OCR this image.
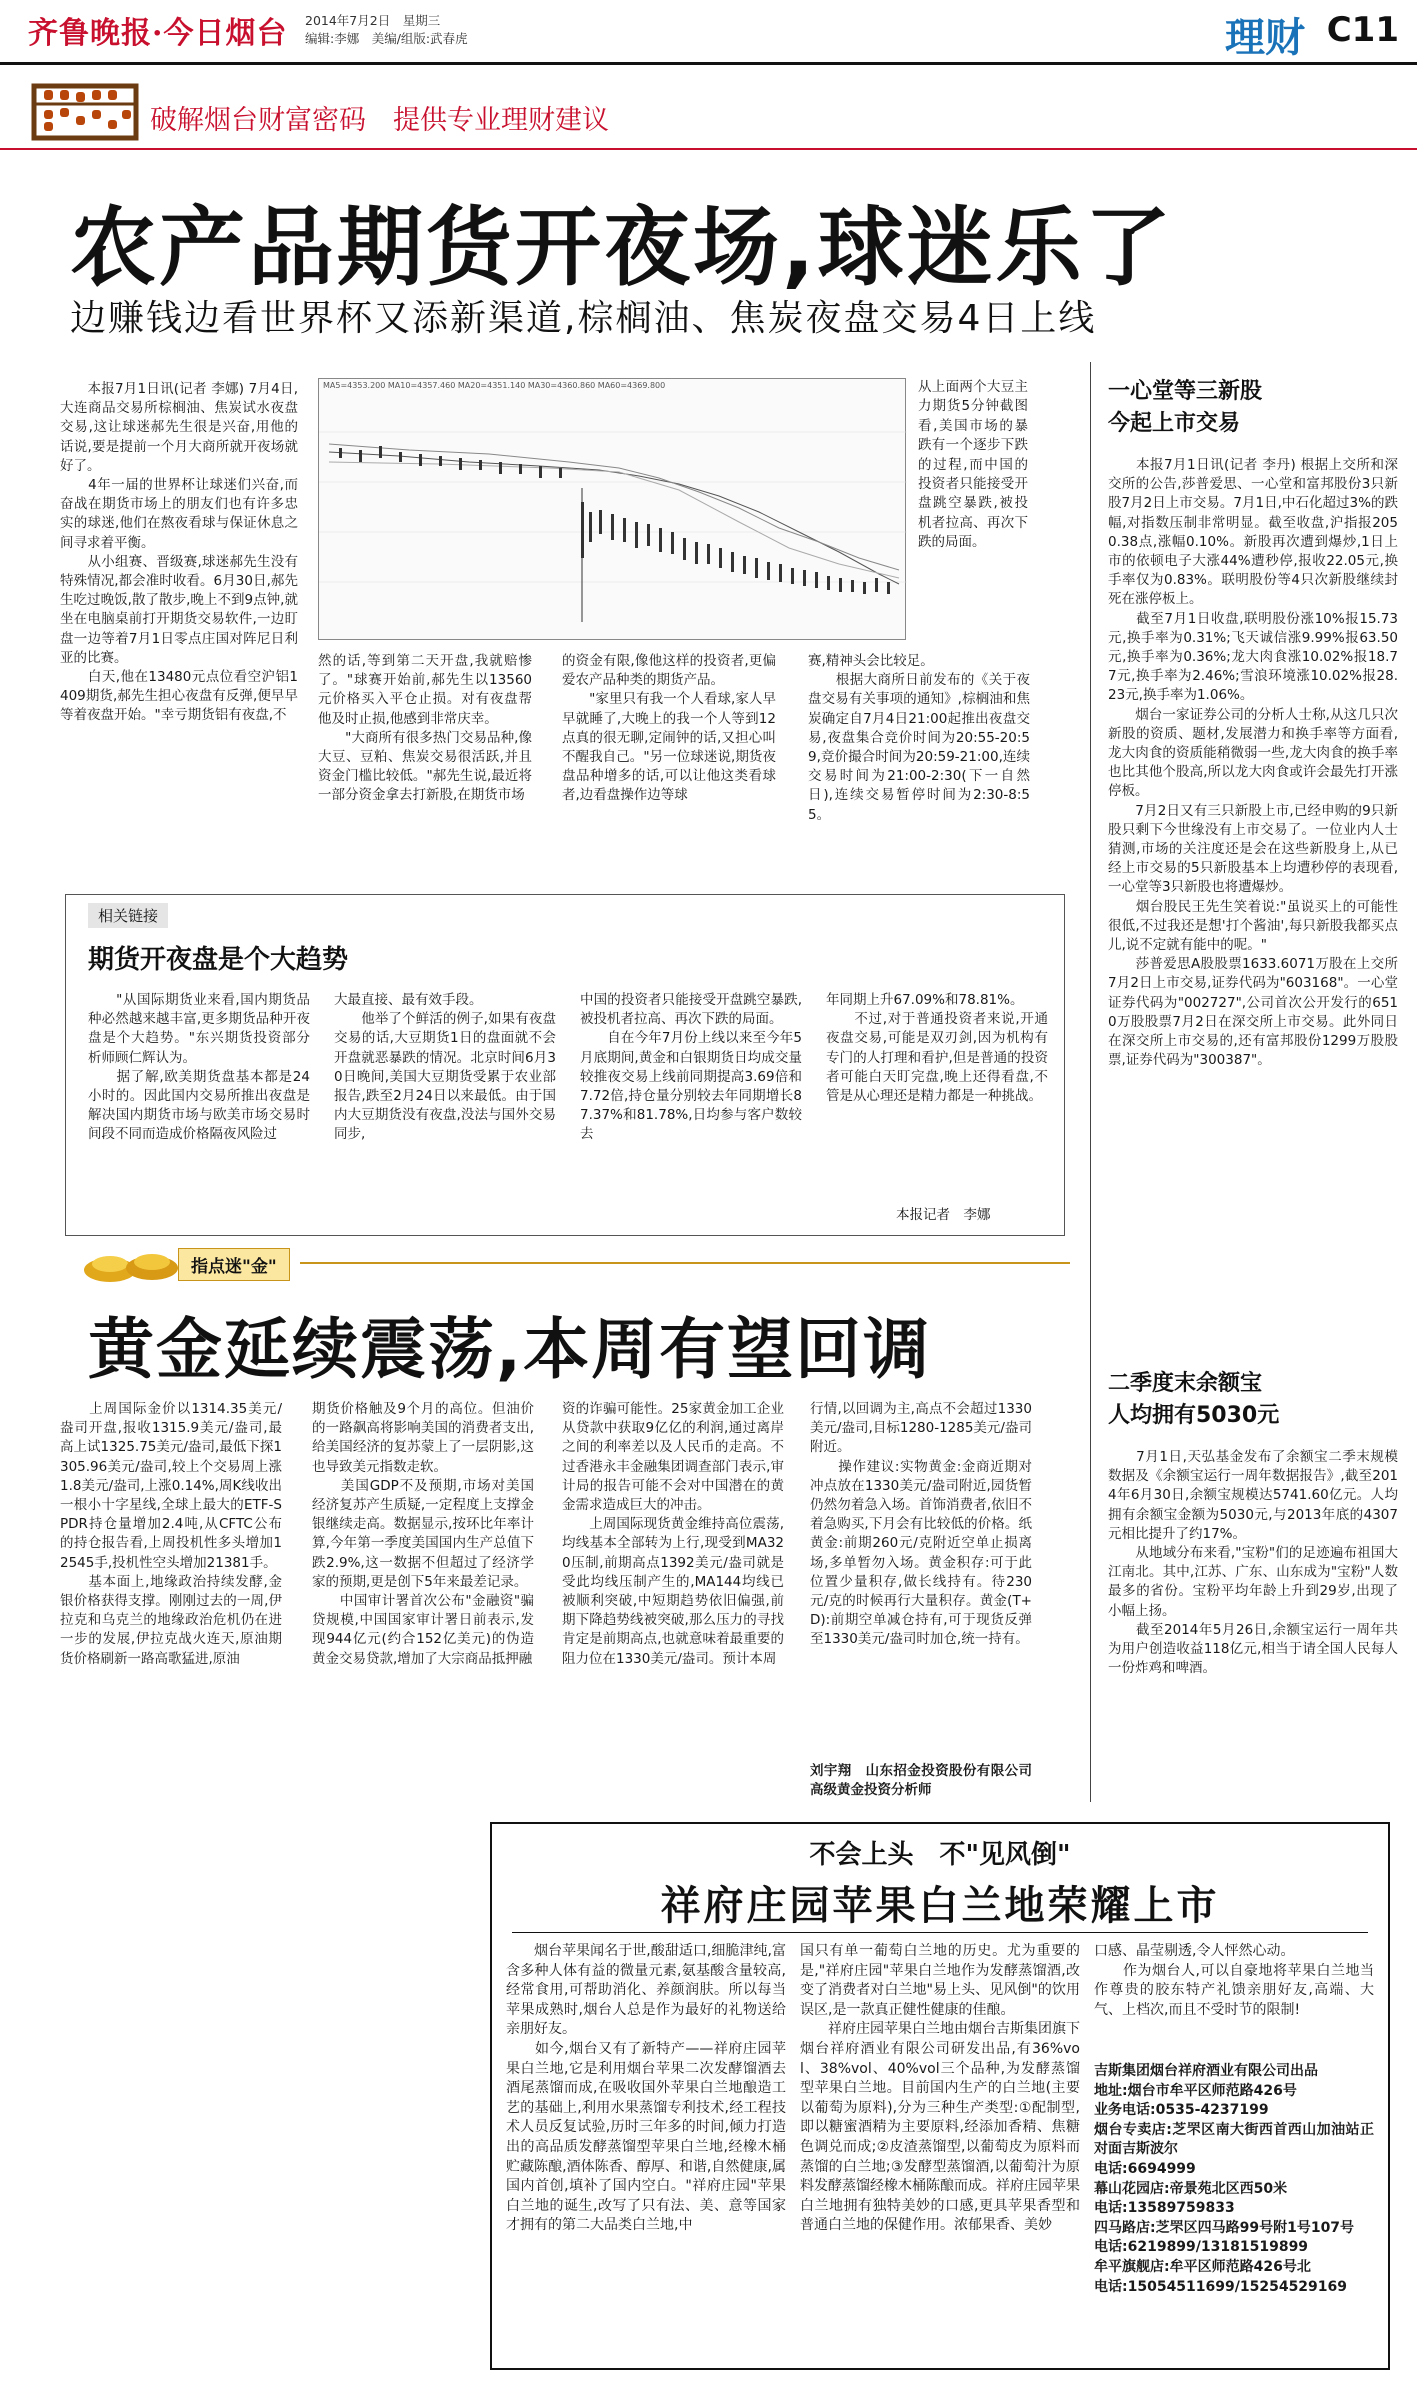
齐鲁晚报·今日烟台 2014年7月2日　星期三
编辑:李娜　美编/组版:武春虎	理财 C11
破解烟台财富密码　提供专业理财建议
农产品期货开夜场,球迷乐了
边赚钱边看世界杯又添新渠道,棕榈油、焦炭夜盘交易4日上线
　　本报7月1日讯(记者 李娜) 7月4日,大连商品交易所棕榈油、焦炭试水夜盘交易,这让球迷郝先生很是兴奋,用他的话说,要是提前一个月大商所就开夜场就好了。
　　4年一届的世界杯让球迷们兴奋,而奋战在期货市场上的朋友们也有许多忠实的球迷,他们在熬夜看球与保证休息之间寻求着平衡。
　　从小组赛、晋级赛,球迷郝先生没有特殊情况,都会准时收看。6月30日,郝先生吃过晚饭,散了散步,晚上不到9点钟,就坐在电脑桌前打开期货交易软件,一边盯盘一边等着7月1日零点庄国对阵尼日利亚的比赛。
　　白天,他在13480元点位看空沪铝1409期货,郝先生担心夜盘有反弹,便早早等着夜盘开始。"幸亏期货铝有夜盘,不
MA5=4353.200 MA10=4357.460 MA20=4351.140 MA30=4360.860 MA60=4369.800	从上面两个大豆主力期货5分钟截图看,美国市场的暴跌有一个逐步下跌的过程,而中国的投资者只能接受开盘跳空暴跌,被投机者拉高、再次下跌的局面。
然的话,等到第二天开盘,我就赔惨了。"球赛开始前,郝先生以13560元价格买入平仓止损。对有夜盘帮他及时止损,他感到非常庆幸。
　　"大商所有很多热门交易品种,像大豆、豆粕、焦炭交易很活跃,并且资金门槛比较低。"郝先生说,最近将一部分资金拿去打新股,在期货市场
的资金有限,像他这样的投资者,更偏爱农产品种类的期货产品。
　　"家里只有我一个人看球,家人早早就睡了,大晚上的我一个人等到12点真的很无聊,定闹钟的话,又担心叫不醒我自己。"另一位球迷说,期货夜盘品种增多的话,可以让他这类看球者,边看盘操作边等球
赛,精神头会比较足。
　　根据大商所日前发布的《关于夜盘交易有关事项的通知》,棕榈油和焦炭确定自7月4日21:00起推出夜盘交易,夜盘集合竞价时间为20:55-20:59,竞价撮合时间为20:59-21:00,连续交易时间为21:00-2:30(下一自然日),连续交易暂停时间为2:30-8:55。
一心堂等三新股
今起上市交易
　　本报7月1日讯(记者 李丹) 根据上交所和深交所的公告,莎普爱思、一心堂和富邦股份3只新股7月2日上市交易。7月1日,中石化超过3%的跌幅,对指数压制非常明显。截至收盘,沪指报2050.38点,涨幅0.10%。新股再次遭到爆炒,1日上市的依顿电子大涨44%遭秒停,报收22.05元,换手率仅为0.83%。联明股份等4只次新股继续封死在涨停板上。
　　截至7月1日收盘,联明股份涨10%报15.73元,换手率为0.31%;飞天诚信涨9.99%报63.50元,换手率为0.36%;龙大肉食涨10.02%报18.77元,换手率为2.46%;雪浪环境涨10.02%报28.23元,换手率为1.06%。
　　烟台一家证券公司的分析人士称,从这几只次新股的资质、题材,发展潜力和换手率等方面看,龙大肉食的资质能稍微弱一些,龙大肉食的换手率也比其他个股高,所以龙大肉食或许会最先打开涨停板。
　　7月2日又有三只新股上市,已经申购的9只新股只剩下今世缘没有上市交易了。一位业内人士猜测,市场的关注度还是会在这些新股身上,从已经上市交易的5只新股基本上均遭秒停的表现看,一心堂等3只新股也将遭爆炒。
　　烟台股民王先生笑着说:"虽说买上的可能性很低,不过我还是想'打个酱油',每只新股我都买点儿,说不定就有能中的呢。"
　　莎普爱思A股股票1633.6071万股在上交所7月2日上市交易,证券代码为"603168"。一心堂证券代码为"002727",公司首次公开发行的6510万股股票7月2日在深交所上市交易。此外同日在深交所上市交易的,还有富邦股份1299万股股票,证券代码为"300387"。
二季度末余额宝
人均拥有5030元
　　7月1日,天弘基金发布了余额宝二季末规模数据及《余额宝运行一周年数据报告》,截至2014年6月30日,余额宝规模达5741.60亿元。人均拥有余额宝金额为5030元,与2013年底的4307元相比提升了约17%。
　　从地域分布来看,"宝粉"们的足迹遍布祖国大江南北。其中,江苏、广东、山东成为"宝粉"人数最多的省份。宝粉平均年龄上升到29岁,出现了小幅上扬。
　　截至2014年5月26日,余额宝运行一周年共为用户创造收益118亿元,相当于请全国人民每人一份炸鸡和啤酒。
相关链接
期货开夜盘是个大趋势
　　"从国际期货业来看,国内期货品种必然越来越丰富,更多期货品种开夜盘是个大趋势。"东兴期货投资部分析师顾仁辉认为。
　　据了解,欧美期货盘基本都是24小时的。因此国内交易所推出夜盘是解决国内期货市场与欧美市场交易时间段不同而造成价格隔夜风险过
大最直接、最有效手段。
　　他举了个鲜活的例子,如果有夜盘交易的话,大豆期货1日的盘面就不会开盘就恶暴跌的情况。北京时间6月30日晚间,美国大豆期货受累于农业部报告,跌至2月24日以来最低。由于国内大豆期货没有夜盘,没法与国外交易同步,
中国的投资者只能接受开盘跳空暴跌,被投机者拉高、再次下跌的局面。
　　自在今年7月份上线以来至今年5月底期间,黄金和白银期货日均成交量较推夜交易上线前同期提高3.69倍和7.72倍,持仓量分别较去年同期增长87.37%和81.78%,日均参与客户数较去
年同期上升67.09%和78.81%。
　　不过,对于普通投资者来说,开通夜盘交易,可能是双刃剑,因为机构有专门的人打理和看护,但是普通的投资者可能白天盯完盘,晚上还得看盘,不管是从心理还是精力都是一种挑战。
本报记者　李娜
指点迷"金"
黄金延续震荡,本周有望回调
　　上周国际金价以1314.35美元/盎司开盘,报收1315.9美元/盎司,最高上试1325.75美元/盎司,最低下探1305.96美元/盎司,较上个交易周上涨1.8美元/盎司,上涨0.14%,周K线收出一根小十字星线,全球上最大的ETF-SPDR持仓量增加2.4吨,从CFTC公布的持仓报告看,上周投机性多头增加12545手,投机性空头增加21381手。
　　基本面上,地缘政治持续发酵,金银价格获得支撑。刚刚过去的一周,伊拉克和乌克兰的地缘政治危机仍在进一步的发展,伊拉克战火连天,原油期货价格刷新一路高歌猛进,原油
期货价格触及9个月的高位。但油价的一路飙高将影响美国的消费者支出,给美国经济的复苏蒙上了一层阴影,这也导致美元指数走软。
　　美国GDP不及预期,市场对美国经济复苏产生质疑,一定程度上支撑金银继续走高。数据显示,按环比年率计算,今年第一季度美国国内生产总值下跌2.9%,这一数据不但超过了经济学家的预期,更是创下5年来最差记录。
　　中国审计署首次公布"金融资"骗贷规模,中国国家审计署日前表示,发现944亿元(约合152亿美元)的伪造黄金交易贷款,增加了大宗商品抵押融
资的诈骗可能性。25家黄金加工企业从贷款中获取9亿亿的利润,通过离岸之间的利率差以及人民币的走高。不过香港永丰金融集团调查部门表示,审计局的报告可能不会对中国潜在的黄金需求造成巨大的冲击。
　　上周国际现货黄金维持高位震荡,均线基本全部转为上行,现受到MA320压制,前期高点1392美元/盎司就是受此均线压制产生的,MA144均线已被顺利突破,中短期趋势依旧偏强,前期下降趋势线被突破,那么压力的寻找肯定是前期高点,也就意味着最重要的阻力位在1330美元/盎司。预计本周
行情,以回调为主,高点不会超过1330美元/盎司,目标1280-1285美元/盎司附近。
　　操作建议:实物黄金:金商近期对冲点放在1330美元/盎司附近,园货暂仍然勿着急入场。首饰消费者,依旧不着急购买,下月会有比较低的价格。纸黄金:前期260元/克附近空单止损离场,多单暂勿入场。黄金积存:可于此位置少量积存,做长线持有。待230元/克的时候再行大量积存。黄金(T+D):前期空单减仓持有,可于现货反弹至1330美元/盎司时加仓,统一持有。
刘宇翔　山东招金投资股份有限公司高级黄金投资分析师
不会上头　不"见风倒"
祥府庄园苹果白兰地荣耀上市
　　烟台苹果闻名于世,酸甜适口,细脆津纯,富含多种人体有益的微量元素,氨基酸含量较高,经常食用,可帮助消化、养颜润肤。所以每当苹果成熟时,烟台人总是作为最好的礼物送给亲朋好友。
　　如今,烟台又有了新特产——祥府庄园苹果白兰地,它是利用烟台苹果二次发酵馏酒去酒尾蒸馏而成,在吸收国外苹果白兰地酿造工艺的基础上,利用水果蒸馏专利技术,经工程技术人员反复试验,历时三年多的时间,倾力打造出的高品质发酵蒸馏型苹果白兰地,经橡木桶贮藏陈酿,酒体陈香、醇厚、和谐,自然健康,属国内首创,填补了国内空白。"祥府庄园"苹果白兰地的诞生,改写了只有法、美、意等国家才拥有的第二大品类白兰地,中
国只有单一葡萄白兰地的历史。尤为重要的是,"祥府庄园"苹果白兰地作为发酵蒸馏酒,改变了消费者对白兰地"易上头、见风倒"的饮用误区,是一款真正健性健康的佳酿。
　　祥府庄园苹果白兰地由烟台吉斯集团旗下烟台祥府酒业有限公司研发出品,有36%vol、38%vol、40%vol三个品种,为发酵蒸馏型苹果白兰地。目前国内生产的白兰地(主要以葡萄为原料),分为三种生产类型:①配制型,即以糖蜜酒精为主要原料,经添加香精、焦糖色调兑而成;②皮渣蒸馏型,以葡萄皮为原料而蒸馏的白兰地;③发酵型蒸馏酒,以葡萄汁为原料发酵蒸馏经橡木桶陈酿而成。祥府庄园苹果白兰地拥有独特美妙的口感,更具苹果香型和普通白兰地的保健作用。浓郁果香、美妙
口感、晶莹剔透,令人怦然心动。
　　作为烟台人,可以自豪地将苹果白兰地当作尊贵的胶东特产礼馈亲朋好友,高端、大气、上档次,而且不受时节的限制!
吉斯集团烟台祥府酒业有限公司出品
地址:烟台市牟平区师范路426号
业务电话:0535-4237199
烟台专卖店:芝罘区南大街西首西山加油站正对面吉斯波尔
电话:6694999
幕山花园店:帝景苑北区西50米
电话:13589759833
四马路店:芝罘区四马路99号附1号107号
电话:6219899/13181519899
牟平旗舰店:牟平区师范路426号北
电话:15054511699/15254529169
